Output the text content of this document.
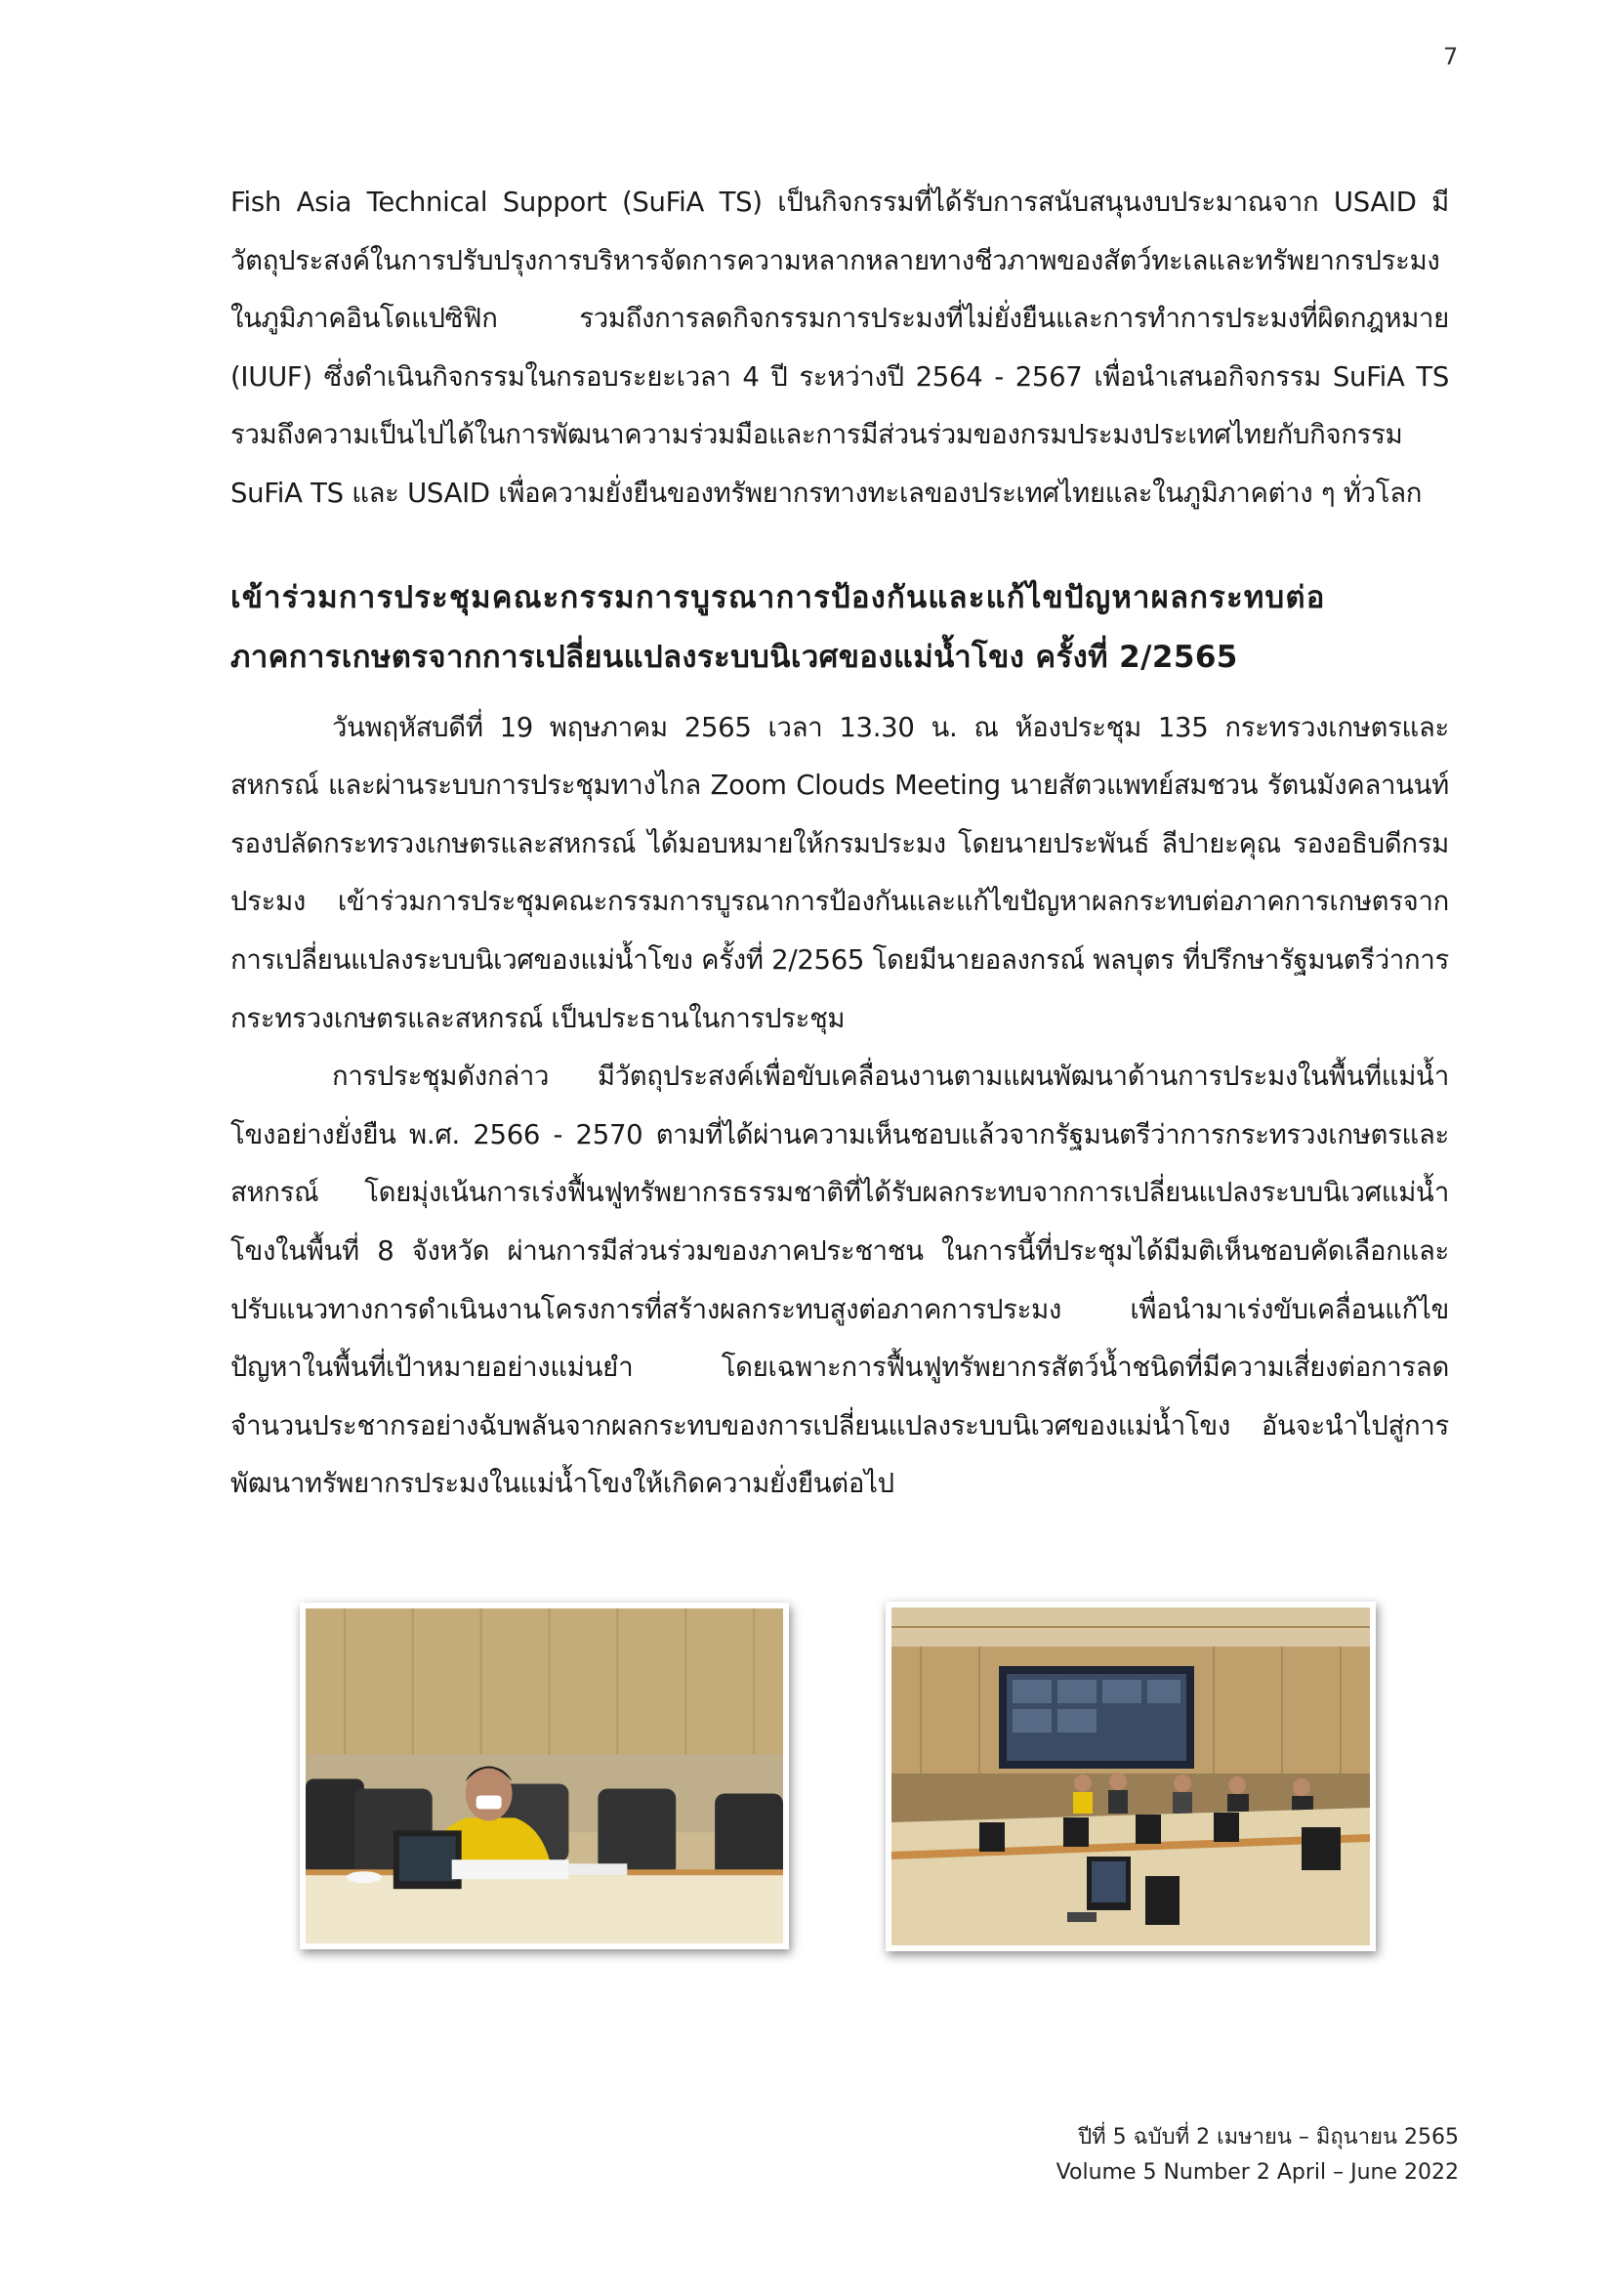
7

Fish Asia Technical Support (SuFiA TS) เป็นกิจกรรมที่ได้รับการสนับสนุนงบประมาณจาก USAID มีวัตถุประสงค์ในการปรับปรุงการบริหารจัดการความหลากหลายทางชีวภาพของสัตว์ทะเลและทรัพยากรประมงในภูมิภาคอินโดแปซิฟิก รวมถึงการลดกิจกรรมการประมงที่ไม่ยั่งยืนและการทำการประมงที่ผิดกฎหมาย (IUUF) ซึ่งดำเนินกิจกรรมในกรอบระยะเวลา 4 ปี ระหว่างปี 2564 - 2567 เพื่อนำเสนอกิจกรรม SuFiA TS รวมถึงความเป็นไปได้ในการพัฒนาความร่วมมือและการมีส่วนร่วมของกรมประมงประเทศไทยกับกิจกรรม SuFiA TS และ USAID เพื่อความยั่งยืนของทรัพยากรทางทะเลของประเทศไทยและในภูมิภาคต่าง ๆ ทั่วโลก

เข้าร่วมการประชุมคณะกรรมการบูรณาการป้องกันและแก้ไขปัญหาผลกระทบต่อ
ภาคการเกษตรจากการเปลี่ยนแปลงระบบนิเวศของแม่น้ำโขง ครั้งที่ 2/2565

วันพฤหัสบดีที่ 19 พฤษภาคม 2565 เวลา 13.30 น. ณ ห้องประชุม 135 กระทรวงเกษตรและสหกรณ์ และผ่านระบบการประชุมทางไกล Zoom Clouds Meeting นายสัตวแพทย์สมชวน รัตนมังคลานนท์ รองปลัดกระทรวงเกษตรและสหกรณ์ ได้มอบหมายให้กรมประมง โดยนายประพันธ์ ลีปายะคุณ รองอธิบดีกรมประมง เข้าร่วมการประชุมคณะกรรมการบูรณาการป้องกันและแก้ไขปัญหาผลกระทบต่อภาคการเกษตรจากการเปลี่ยนแปลงระบบนิเวศของแม่น้ำโขง ครั้งที่ 2/2565 โดยมีนายอลงกรณ์ พลบุตร ที่ปรึกษารัฐมนตรีว่าการกระทรวงเกษตรและสหกรณ์ เป็นประธานในการประชุม

การประชุมดังกล่าว มีวัตถุประสงค์เพื่อขับเคลื่อนงานตามแผนพัฒนาด้านการประมงในพื้นที่แม่น้ำโขงอย่างยั่งยืน พ.ศ. 2566 - 2570 ตามที่ได้ผ่านความเห็นชอบแล้วจากรัฐมนตรีว่าการกระทรวงเกษตรและสหกรณ์ โดยมุ่งเน้นการเร่งฟื้นฟูทรัพยากรธรรมชาติที่ได้รับผลกระทบจากการเปลี่ยนแปลงระบบนิเวศแม่น้ำโขงในพื้นที่ 8 จังหวัด ผ่านการมีส่วนร่วมของภาคประชาชน ในการนี้ที่ประชุมได้มีมติเห็นชอบคัดเลือกและปรับแนวทางการดำเนินงานโครงการที่สร้างผลกระทบสูงต่อภาคการประมง เพื่อนำมาเร่งขับเคลื่อนแก้ไขปัญหาในพื้นที่เป้าหมายอย่างแม่นยำ โดยเฉพาะการฟื้นฟูทรัพยากรสัตว์น้ำชนิดที่มีความเสี่ยงต่อการลดจำนวนประชากรอย่างฉับพลันจากผลกระทบของการเปลี่ยนแปลงระบบนิเวศของแม่น้ำโขง อันจะนำไปสู่การพัฒนาทรัพยากรประมงในแม่น้ำโขงให้เกิดความยั่งยืนต่อไป

ปีที่ 5 ฉบับที่ 2 เมษายน – มิถุนายน 2565
Volume 5 Number 2 April – June 2022
